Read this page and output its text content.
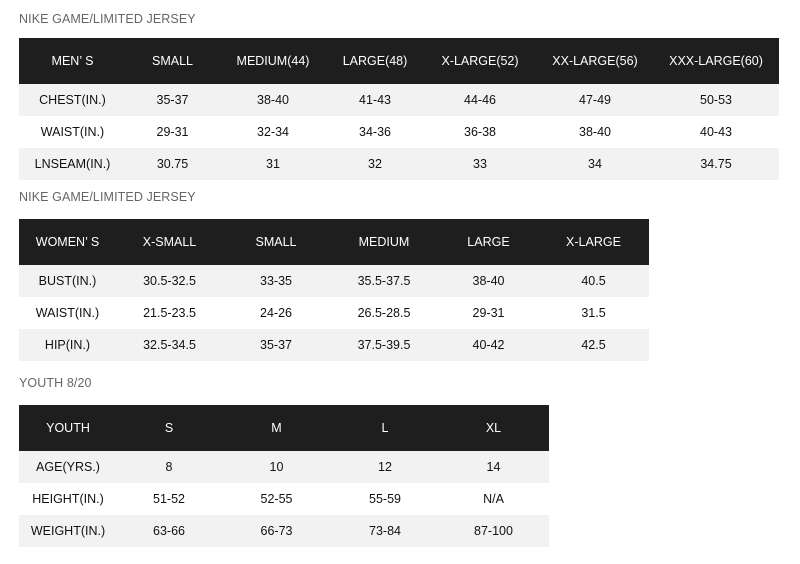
NIKE GAME/LIMITED JERSEY
MEN’ S	SMALL	MEDIUM(44)	LARGE(48)	X-LARGE(52)	XX-LARGE(56)	XXX-LARGE(60)
CHEST(IN.)	35-37	38-40	41-43	44-46	47-49	50-53
WAIST(IN.)	29-31	32-34	34-36	36-38	38-40	40-43
LNSEAM(IN.)	30.75	31	32	33	34	34.75
NIKE GAME/LIMITED JERSEY
WOMEN’ S	X-SMALL	SMALL	MEDIUM	LARGE	X-LARGE
BUST(IN.)	30.5-32.5	33-35	35.5-37.5	38-40	40.5
WAIST(IN.)	21.5-23.5	24-26	26.5-28.5	29-31	31.5
HIP(IN.)	32.5-34.5	35-37	37.5-39.5	40-42	42.5
YOUTH 8/20
YOUTH	S	M	L	XL
AGE(YRS.)	8	10	12	14
HEIGHT(IN.)	51-52	52-55	55-59	N/A
WEIGHT(IN.)	63-66	66-73	73-84	87-100
